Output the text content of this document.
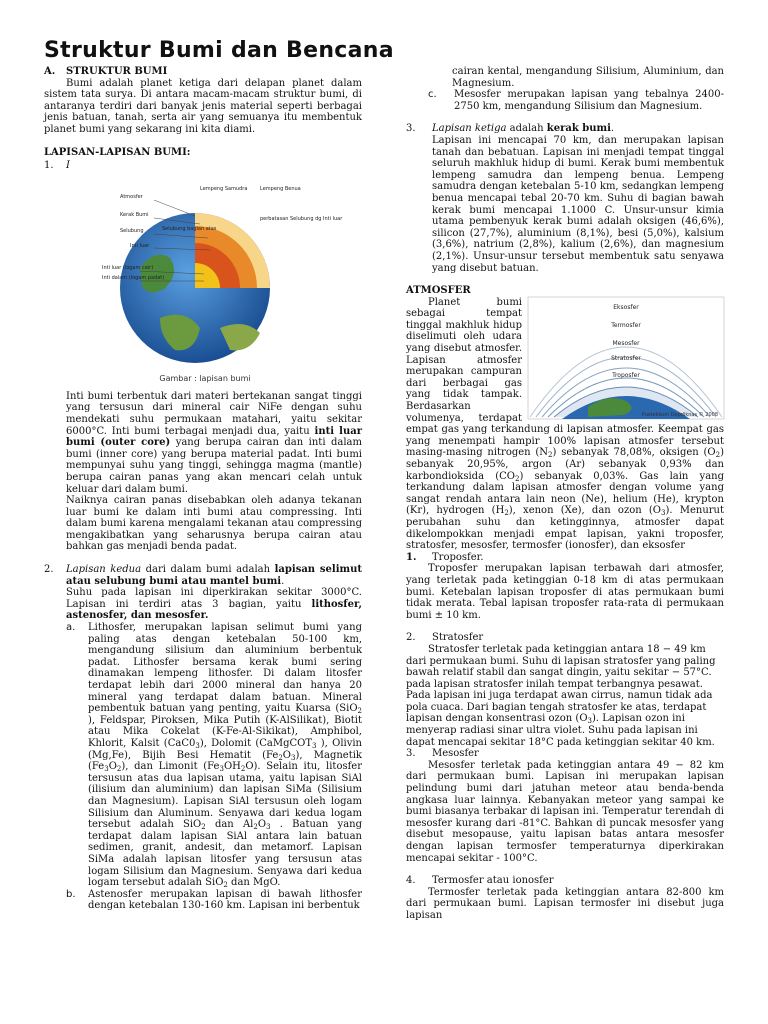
Struktur Bumi dan Bencana
A.	STRUKTUR BUMI

Bumi adalah planet ketiga dari delapan planet dalam sistem tata surya. Di antara macam-macam struktur bumi, di antaranya terdiri dari banyak jenis material seperti berbagai jenis batuan, tanah, serta air yang semuanya itu membentuk planet bumi yang sekarang ini kita diami.

LAPISAN-LAPISAN BUMI:

1.	I
Atmosfer
Kerak Bumi
Selubung	Selubung bagian atas
Inti luar
Inti luar (logam cair)
Inti dalam (logam padat)
Lempeng Samudra	Lempeng Benua
perbatasan Selubung dg Inti luar
Gambar : lapisan bumi

Inti bumi terbentuk dari materi bertekanan sangat tinggi yang tersusun dari mineral cair NiFe dengan suhu mendekati suhu permukaan matahari, yaitu sekitar 6000°C. Inti bumi terbagai menjadi dua, yaitu inti luar bumi (outer core) yang berupa cairan dan inti dalam bumi (inner core) yang berupa material padat. Inti bumi mempunyai suhu yang tinggi, sehingga magma (mantle) berupa cairan panas yang akan mencari celah untuk keluar dari dalam bumi.

Naiknya cairan panas disebabkan oleh adanya tekanan luar bumi ke dalam inti bumi atau compressing. Inti dalam bumi karena mengalami tekanan atau compressing mengakibatkan yang seharusnya berupa cairan atau bahkan gas menjadi benda padat.

2.	Lapisan kedua dari dalam bumi adalah lapisan selimut atau selubung bumi atau mantel bumi.

Suhu pada lapisan ini diperkirakan sekitar 3000°C. Lapisan ini terdiri atas 3 bagian, yaitu lithosfer, astenosfer, dan mesosfer.

a.	Lithosfer, merupakan lapisan selimut bumi yang paling atas dengan ketebalan 50-100 km, mengandung silisium dan aluminium berbentuk padat. Lithosfer bersama kerak bumi sering dinamakan lempeng lithosfer. Di dalam litosfer terdapat lebih dari 2000 mineral dan hanya 20 mineral yang terdapat dalam batuan. Mineral pembentuk batuan yang penting, yaitu Kuarsa (SiO$_2$ ), Feldspar, Piroksen, Mika Putih (K-AlSilikat), Biotit atau Mika Cokelat (K-Fe-Al-Sikikat), Amphibol, Khlorit, Kalsit $(CaC0_3)$, Dolomit (CaMgCOT$_3$ ), Olivin (Mg,Fe), Bijih Besi Hematit $(Fe_2O_3)$, Magnetik $(Fe_3O_2)$, dan Limonit $(Fe_3OH_2O)$. Selain itu, litosfer tersusun atas dua lapisan utama, yaitu lapisan SiAl (ilisium dan aluminium) dan lapisan SiMa (Silisium dan Magnesium). Lapisan SiAl tersusun oleh logam Silisium dan Aluminum. Senyawa dari kedua logam tersebut adalah SiO$_2$ dan $Al_2O_3$ . Batuan yang terdapat dalam lapisan SiAl antara lain batuan sedimen, granit, andesit, dan metamorf. Lapisan SiMa adalah lapisan litosfer yang tersusun atas logam Silisium dan Magnesium. Senyawa dari kedua logam tersebut adalah SiO$_2$ dan MgO.

b.	Astenosfer merupakan lapisan di bawah lithosfer dengan ketebalan 130-160 km. Lapisan ini berbentuk

cairan kental, mengandung Silisium, Aluminium, dan Magnesium.

c.	Mesosfer merupakan lapisan yang tebalnya 2400-2750 km, mengandung Silisium dan Magnesium.

3.	Lapisan ketiga adalah kerak bumi.

Lapisan ini mencapai 70 km, dan merupakan lapisan tanah dan bebatuan. Lapisan ini menjadi tempat tinggal seluruh makhluk hidup di bumi. Kerak bumi membentuk lempeng samudra dan lempeng benua. Lempeng samudra dengan ketebalan 5-10 km, sedangkan lempeng benua mencapai tebal 20-70 km. Suhu di bagian bawah kerak bumi mencapai 1.1000 C. Unsur-unsur kimia utama pembenyuk kerak bumi adalah oksigen (46,6%), silicon (27,7%), aluminium (8,1%), besi (5,0%), kalsium (3,6%), natrium (2,8%), kalium (2,6%), dan magnesium (2,1%). Unsur-unsur tersebut membentuk satu senyawa yang disebut batuan.

ATMOSFER

Eksosfer
Termosfer
Mesosfer
Stratosfer
Troposfer
Pustekkom Depdiknas © 2008

Planet bumi sebagai tempat tinggal makhluk hidup diselimuti oleh udara yang disebut atmosfer. Lapisan atmosfer merupakan campuran dari berbagai gas yang tidak tampak. Berdasarkan volumenya, terdapat empat gas yang terkandung di lapisan atmosfer. Keempat gas yang menempati hampir 100% lapisan atmosfer tersebut masing-masing nitrogen $(N_2)$ sebanyak 78,08%, oksigen $(O_2)$ sebanyak 20,95%, argon (Ar) sebanyak 0,93% dan karbondioksida $(CO_2)$ sebanyak 0,03%. Gas lain yang terkandung dalam lapisan atmosfer dengan volume yang sangat rendah antara lain neon (Ne), helium (He), krypton (Kr), hydrogen $(H_2)$, xenon (Xe), dan ozon $(O_3)$. Menurut perubahan suhu dan ketingginnya, atmosfer dapat dikelompokkan menjadi empat lapisan, yakni troposfer, stratosfer, mesosfer, termosfer (ionosfer), dan eksosfer

1.	Troposfer.

Troposfer merupakan lapisan terbawah dari atmosfer, yang terletak pada ketinggian 0-18 km di atas permukaan bumi. Ketebalan lapisan troposfer di atas permukaan bumi tidak merata. Tebal lapisan troposfer rata-rata di permukaan bumi ± 10 km.

2.	Stratosfer

Stratosfer terletak pada ketinggian antara 18 − 49 km dari permukaan bumi. Suhu di lapisan stratosfer yang paling bawah relatif stabil dan sangat dingin, yaitu sekitar − 57°C. pada lapisan stratosfer inilah tempat terbangnya pesawat. Pada lapisan ini juga terdapat awan cirrus, namun tidak ada pola cuaca. Dari bagian tengah stratosfer ke atas, terdapat lapisan dengan konsentrasi ozon $(O_3)$. Lapisan ozon ini menyerap radiasi sinar ultra violet. Suhu pada lapisan ini dapat mencapai sekitar 18°C pada ketinggian sekitar 40 km.

3.	Mesosfer

Mesosfer terletak pada ketinggian antara 49 − 82 km dari permukaan bumi. Lapisan ini merupakan lapisan pelindung bumi dari jatuhan meteor atau benda-benda angkasa luar lainnya. Kebanyakan meteor yang sampai ke bumi biasanya terbakar di lapisan ini. Temperatur terendah di mesosfer kurang dari -81°C. Bahkan di puncak mesosfer yang disebut mesopause, yaitu lapisan batas antara mesosfer dengan lapisan termosfer temperaturnya diperkirakan mencapai sekitar - 100°C.

4.	Termosfer atau ionosfer

Termosfer terletak pada ketinggian antara 82-800 km dari permukaan bumi. Lapisan termosfer ini disebut juga lapisan
